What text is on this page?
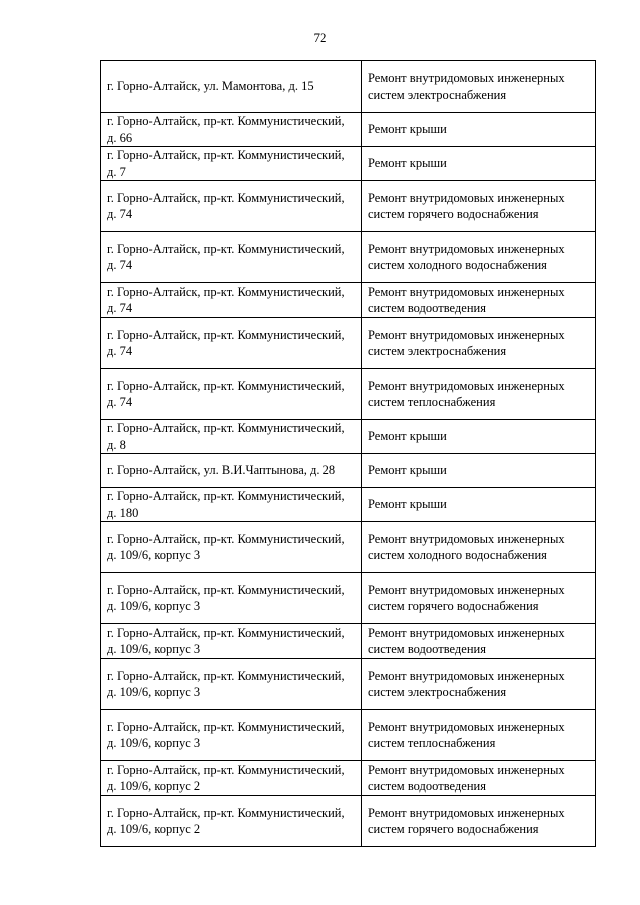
72
г. Горно-Алтайск, ул. Мамонтова, д. 15	Ремонт внутридомовых инженерных систем электроснабжения
г. Горно-Алтайск, пр-кт. Коммунистический, д. 66	Ремонт крыши
г. Горно-Алтайск, пр-кт. Коммунистический, д. 7	Ремонт крыши
г. Горно-Алтайск, пр-кт. Коммунистический, д. 74	Ремонт внутридомовых инженерных систем горячего водоснабжения
г. Горно-Алтайск, пр-кт. Коммунистический, д. 74	Ремонт внутридомовых инженерных систем холодного водоснабжения
г. Горно-Алтайск, пр-кт. Коммунистический, д. 74	Ремонт внутридомовых инженерных систем водоотведения
г. Горно-Алтайск, пр-кт. Коммунистический, д. 74	Ремонт внутридомовых инженерных систем электроснабжения
г. Горно-Алтайск, пр-кт. Коммунистический, д. 74	Ремонт внутридомовых инженерных систем теплоснабжения
г. Горно-Алтайск, пр-кт. Коммунистический, д. 8	Ремонт крыши
г. Горно-Алтайск, ул. В.И.Чаптынова, д. 28	Ремонт крыши
г. Горно-Алтайск, пр-кт. Коммунистический, д. 180	Ремонт крыши
г. Горно-Алтайск, пр-кт. Коммунистический, д. 109/6, корпус 3	Ремонт внутридомовых инженерных систем холодного водоснабжения
г. Горно-Алтайск, пр-кт. Коммунистический, д. 109/6, корпус 3	Ремонт внутридомовых инженерных систем горячего водоснабжения
г. Горно-Алтайск, пр-кт. Коммунистический, д. 109/6, корпус 3	Ремонт внутридомовых инженерных систем водоотведения
г. Горно-Алтайск, пр-кт. Коммунистический, д. 109/6, корпус 3	Ремонт внутридомовых инженерных систем электроснабжения
г. Горно-Алтайск, пр-кт. Коммунистический, д. 109/6, корпус 3	Ремонт внутридомовых инженерных систем теплоснабжения
г. Горно-Алтайск, пр-кт. Коммунистический, д. 109/6, корпус 2	Ремонт внутридомовых инженерных систем водоотведения
г. Горно-Алтайск, пр-кт. Коммунистический, д. 109/6, корпус 2	Ремонт внутридомовых инженерных систем горячего водоснабжения
